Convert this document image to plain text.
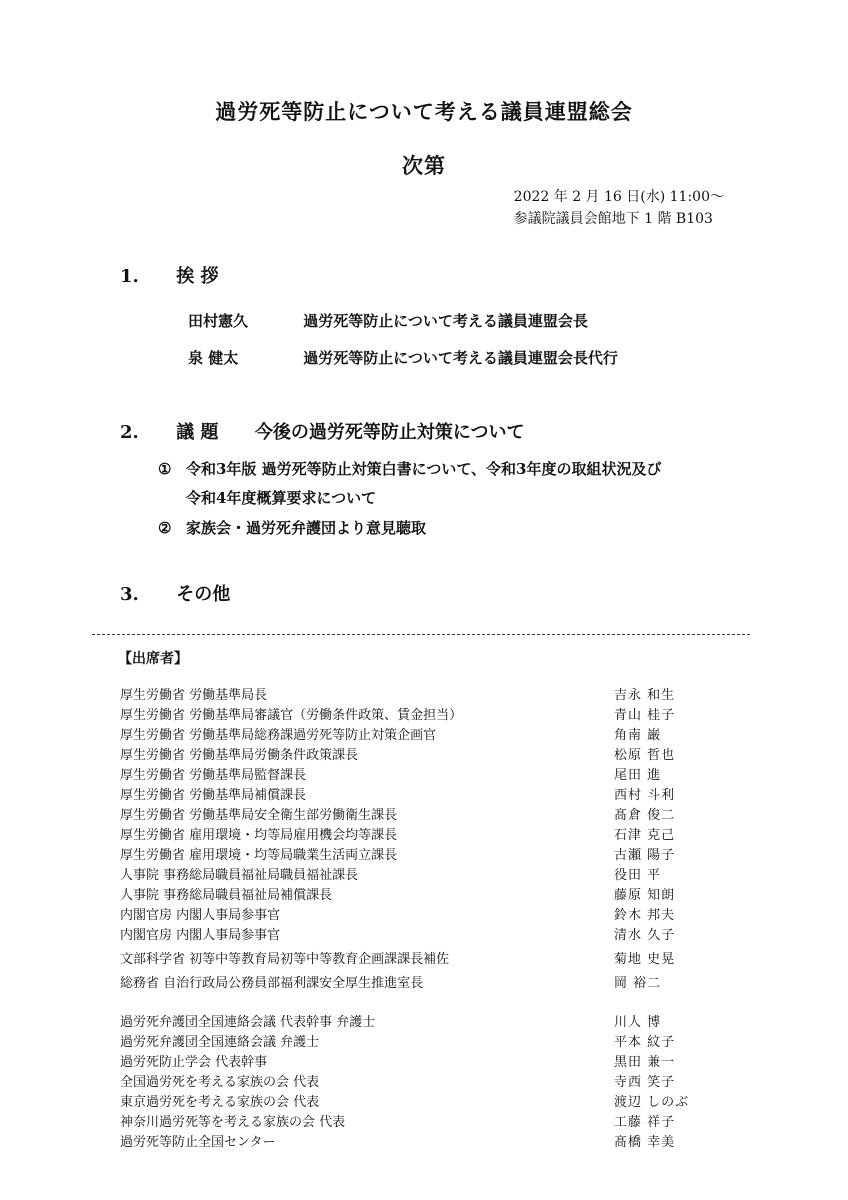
過労死等防止について考える議員連盟総会
次第
2022 年 2 月 16 日(水) 11:00～
参議院議員会館地下 1 階 B103
1. 挨 拶
田村憲久	過労死等防止について考える議員連盟会長
泉 健太	過労死等防止について考える議員連盟会長代行
2. 議 題 今後の過労死等防止対策について
① 令和3年版 過労死等防止対策白書について、令和3年度の取組状況及び
令和4年度概算要求について
② 家族会・過労死弁護団より意見聴取
3. その他
【出席者】
厚生労働省 労働基準局長	吉永 和生
厚生労働省 労働基準局審議官（労働条件政策、賃金担当）	青山 桂子
厚生労働省 労働基準局総務課過労死等防止対策企画官	角南 巌
厚生労働省 労働基準局労働条件政策課長	松原 哲也
厚生労働省 労働基準局監督課長	尾田 進
厚生労働省 労働基準局補償課長	西村 斗利
厚生労働省 労働基準局安全衛生部労働衛生課長	髙倉 俊二
厚生労働省 雇用環境・均等局雇用機会均等課長	石津 克己
厚生労働省 雇用環境・均等局職業生活両立課長	古瀬 陽子
人事院 事務総局職員福祉局職員福祉課長	役田 平
人事院 事務総局職員福祉局補償課長	藤原 知朗
内閣官房 内閣人事局参事官	鈴木 邦夫
内閣官房 内閣人事局参事官	清水 久子
文部科学省 初等中等教育局初等中等教育企画課課長補佐	菊地 史晃
総務省 自治行政局公務員部福利課安全厚生推進室長	岡 裕二
過労死弁護団全国連絡会議 代表幹事 弁護士	川人 博
過労死弁護団全国連絡会議 弁護士	平本 紋子
過労死防止学会 代表幹事	黒田 兼一
全国過労死を考える家族の会 代表	寺西 笑子
東京過労死を考える家族の会 代表	渡辺 しのぶ
神奈川過労死等を考える家族の会 代表	工藤 祥子
過労死等防止全国センター	髙橋 幸美
